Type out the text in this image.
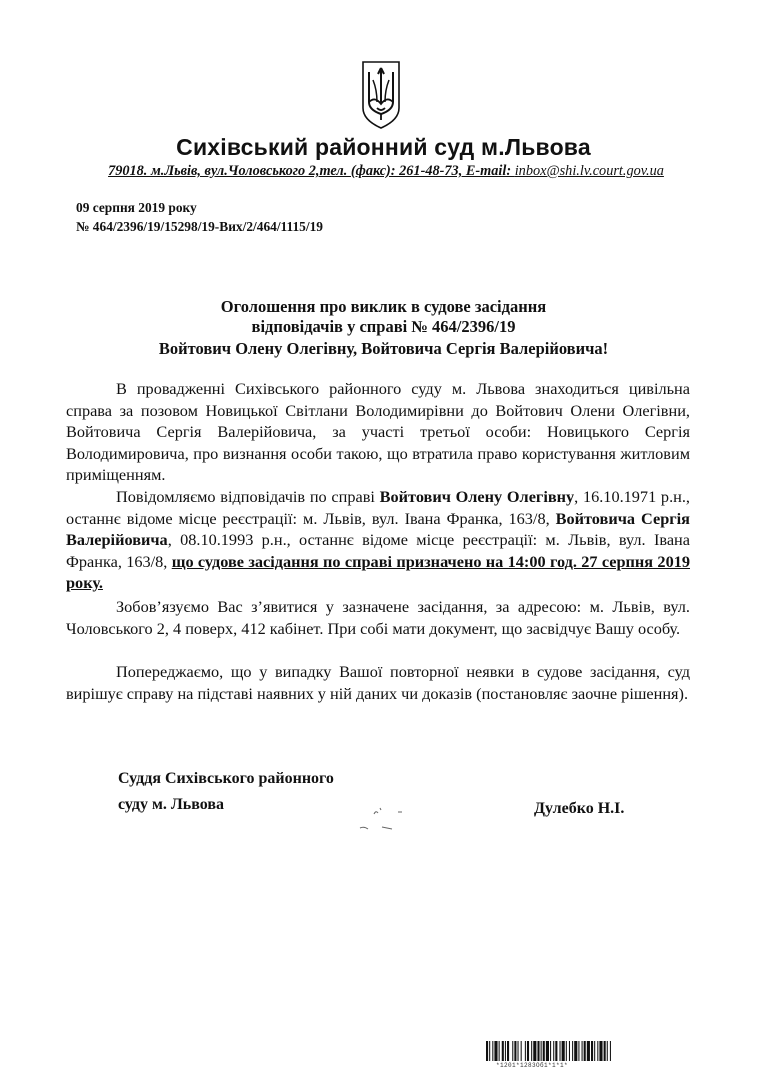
Сихівський районний суд м.Львова
79018. м.Львів, вул.Чоловського 2,тел. (факс): 261-48-73, E-mail: inbox@shi.lv.court.gov.ua
09 серпня 2019 року
№ 464/2396/19/15298/19-Вих/2/464/1115/19
Оголошення про виклик в судове засідання
відповідачів у справі № 464/2396/19
Войтович Олену Олегівну, Войтовича Сергія Валерійовича!
В провадженні Сихівського районного суду м. Львова знаходиться цивільна справа за позовом Новицької Світлани Володимирівни до Войтович Олени Олегівни, Войтовича Сергія Валерійовича, за участі третьої особи: Новицького Сергія Володимировича, про визнання особи такою, що втратила право користування житловим приміщенням.
Повідомляємо відповідачів по справі Войтович Олену Олегівну, 16.10.1971 р.н., останнє відоме місце реєстрації: м. Львів, вул. Івана Франка, 163/8, Войтовича Сергія Валерійовича, 08.10.1993 р.н., останнє відоме місце реєстрації: м. Львів, вул. Івана Франка, 163/8, що судове засідання по справі призначено на 14:00 год. 27 серпня 2019 року.
Зобов’язуємо Вас з’явитися у зазначене засідання, за адресою: м. Львів, вул. Чоловського 2, 4 поверх, 412 кабінет. При собі мати документ, що засвідчує Вашу особу.
Попереджаємо, що у випадку Вашої повторної неявки в судове засідання, суд вирішує справу на підставі наявних у ній даних чи доказів (постановляє заочне рішення).
Суддя Сихівського районного
суду м. Львова	Дулебко Н.І.
*1201*1283Об1*1*1*
